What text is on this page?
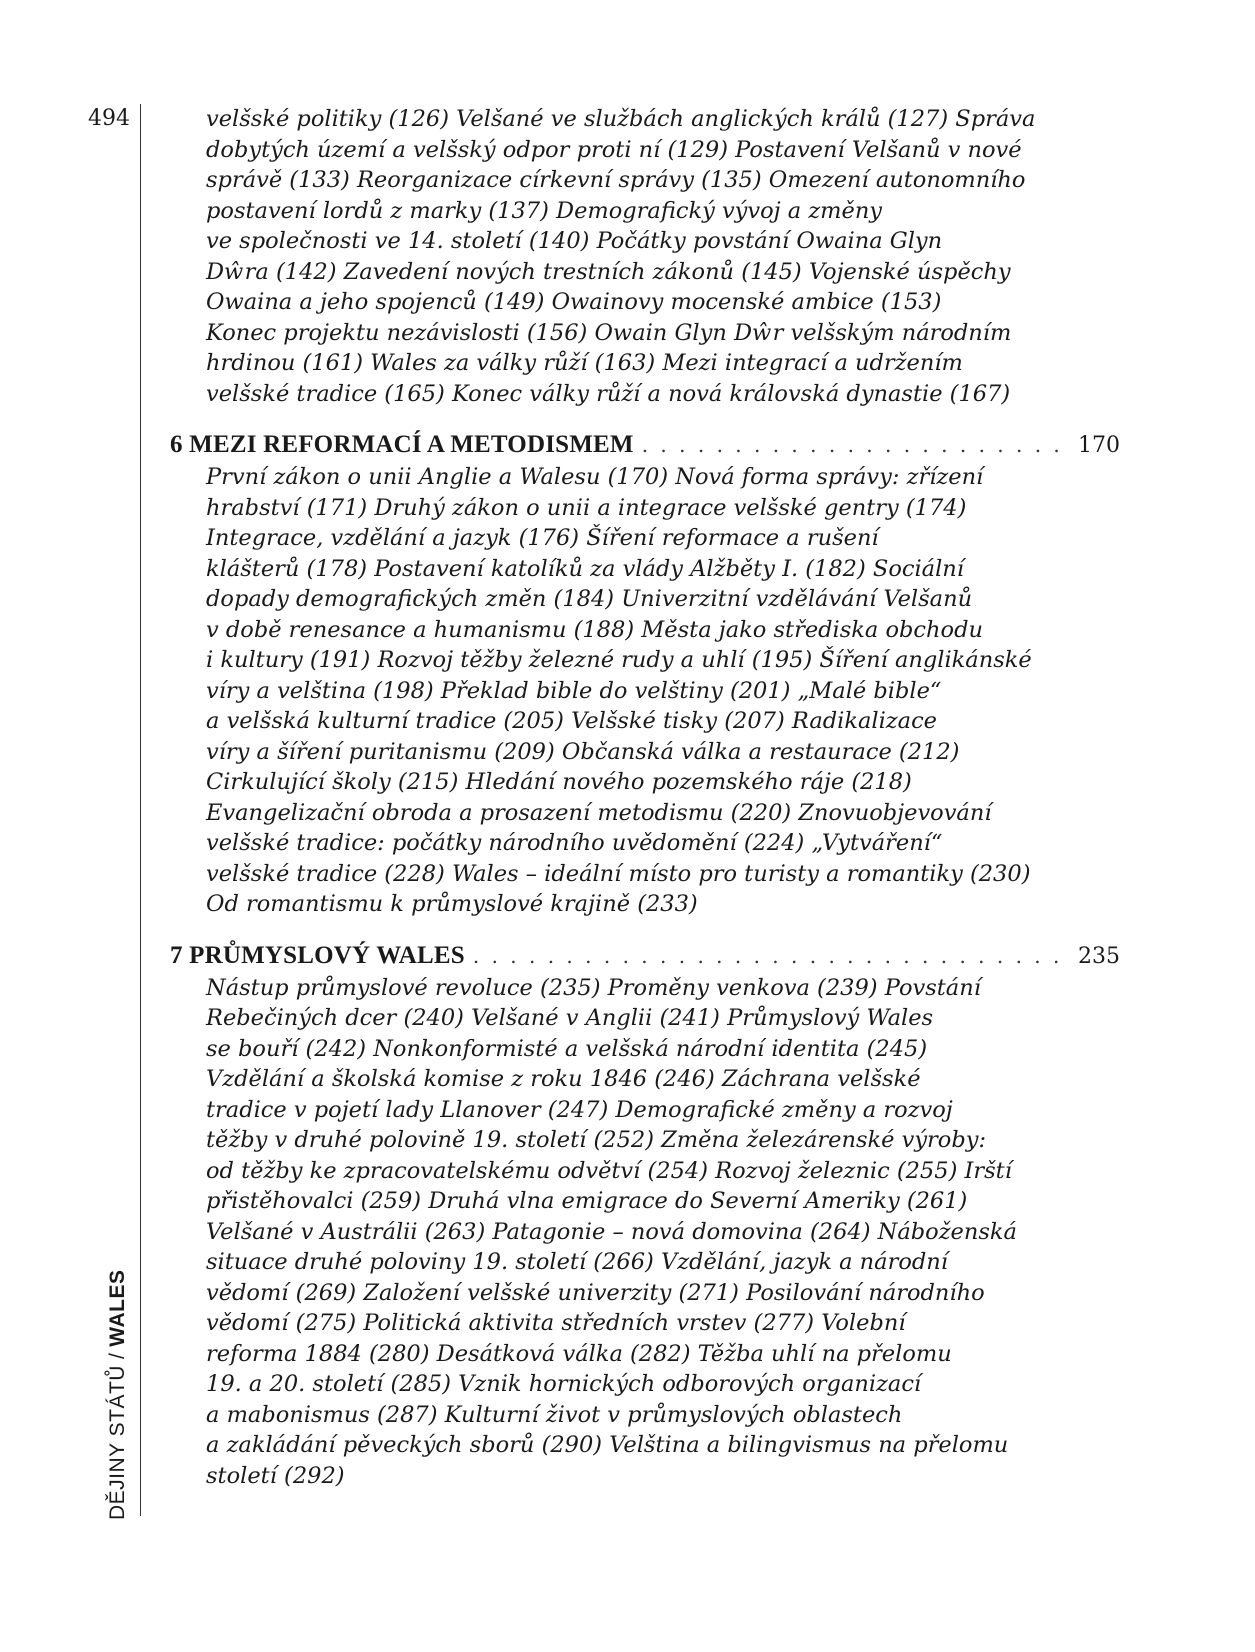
494
DĚJINY STÁTŮ/WALES
velšské politiky (126) Velšané ve službách anglických králů (127) Správa
dobytých území a velšský odpor proti ní (129) Postavení Velšanů v nové
správě (133) Reorganizace církevní správy (135) Omezení autonomního
postavení lordů z marky (137) Demografický vývoj a změny
ve společnosti ve 14. století (140) Počátky povstání Owaina Glyn
Dŵra (142) Zavedení nových trestních zákonů (145) Vojenské úspěchy
Owaina a jeho spojenců (149) Owainovy mocenské ambice (153)
Konec projektu nezávislosti (156) Owain Glyn Dŵr velšským národním
hrdinou (161) Wales za války růží (163) Mezi integrací a udržením
velšské tradice (165) Konec války růží a nová královská dynastie (167)
6 MEZI REFORMACÍ A METODISMEM . . .	170
První zákon o unii Anglie a Walesu (170) Nová forma správy: zřízení
hrabství (171) Druhý zákon o unii a integrace velšské gentry (174)
Integrace, vzdělání a jazyk (176) Šíření reformace a rušení
klášterů (178) Postavení katolíků za vlády Alžběty I. (182) Sociální
dopady demografických změn (184) Univerzitní vzdělávání Velšanů
v době renesance a humanismu (188) Města jako střediska obchodu
i kultury (191) Rozvoj těžby železné rudy a uhlí (195) Šíření anglikánské
víry a velština (198) Překlad bible do velštiny (201) „Malé bible“
a velšská kulturní tradice (205) Velšské tisky (207) Radikalizace
víry a šíření puritanismu (209) Občanská válka a restaurace (212)
Cirkulující školy (215) Hledání nového pozemského ráje (218)
Evangelizační obroda a prosazení metodismu (220) Znovuobjevování
velšské tradice: počátky národního uvědomění (224) „Vytváření“
velšské tradice (228) Wales – ideální místo pro turisty a romantiky (230)
Od romantismu k průmyslové krajině (233)
7 PRŮMYSLOVÝ WALES . . .	235
Nástup průmyslové revoluce (235) Proměny venkova (239) Povstání
Rebečiných dcer (240) Velšané v Anglii (241) Průmyslový Wales
se bouří (242) Nonkonformisté a velšská národní identita (245)
Vzdělání a školská komise z roku 1846 (246) Záchrana velšské
tradice v pojetí lady Llanover (247) Demografické změny a rozvoj
těžby v druhé polovině 19. století (252) Změna železárenské výroby:
od těžby ke zpracovatelskému odvětví (254) Rozvoj železnic (255) Irští
přistěhovalci (259) Druhá vlna emigrace do Severní Ameriky (261)
Velšané v Austrálii (263) Patagonie – nová domovina (264) Náboženská
situace druhé poloviny 19. století (266) Vzdělání, jazyk a národní
vědomí (269) Založení velšské univerzity (271) Posilování národního
vědomí (275) Politická aktivita středních vrstev (277) Volební
reforma 1884 (280) Desátková válka (282) Těžba uhlí na přelomu
19. a 20. století (285) Vznik hornických odborových organizací
a mabonismus (287) Kulturní život v průmyslových oblastech
a zakládání pěveckých sborů (290) Velština a bilingvismus na přelomu
století (292)
